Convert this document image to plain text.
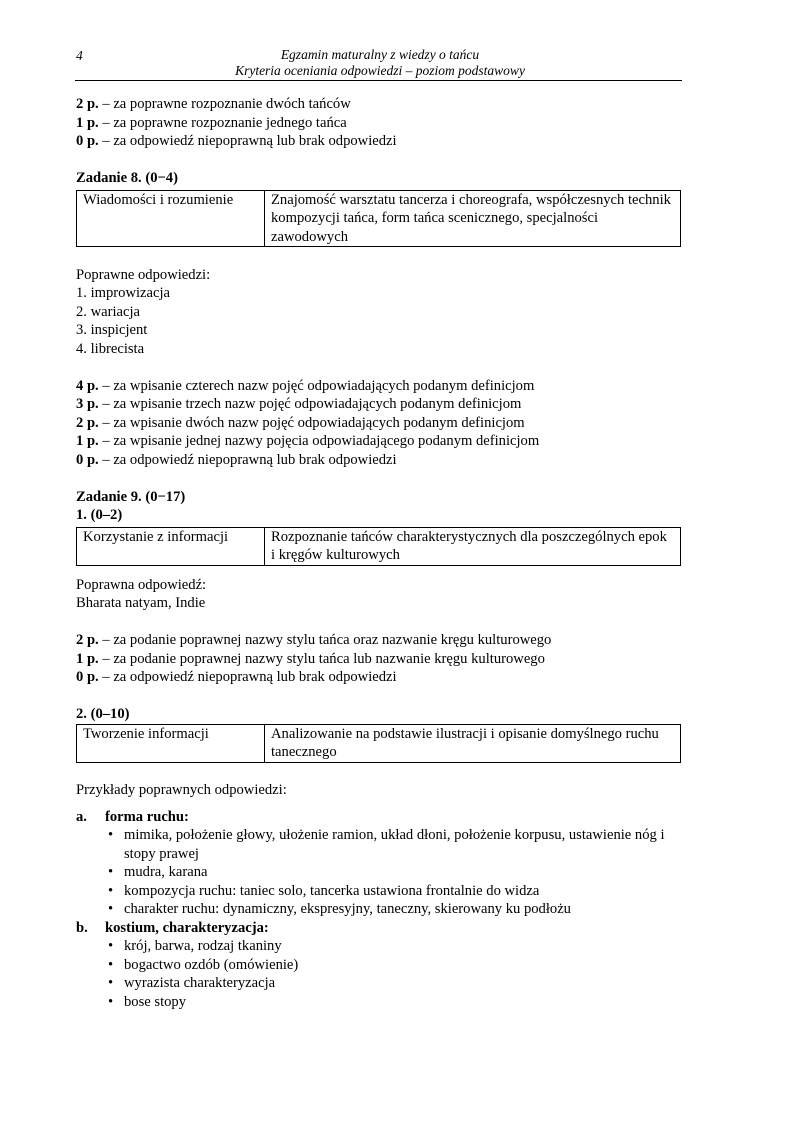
4	Egzamin maturalny z wiedzy o tańcu
Kryteria oceniania odpowiedzi – poziom podstawowy

2 p. – za poprawne rozpoznanie dwóch tańców

1 p. – za poprawne rozpoznanie jednego tańca

0 p. – za odpowiedź niepoprawną lub brak odpowiedzi

Zadanie 8. (0−4)

Wiadomości i rozumienie	Znajomość warsztatu tancerza i choreografa, współczesnych technik kompozycji tańca, form tańca scenicznego, specjalności zawodowych

Poprawne odpowiedzi:

1. improwizacja
2. wariacja
3. inspicjent
4. librecista

4 p. – za wpisanie czterech nazw pojęć odpowiadających podanym definicjom

3 p. – za wpisanie trzech nazw pojęć odpowiadających podanym definicjom

2 p. – za wpisanie dwóch nazw pojęć odpowiadających podanym definicjom

1 p. – za wpisanie jednej nazwy pojęcia odpowiadającego podanym definicjom

0 p. – za odpowiedź niepoprawną lub brak odpowiedzi

Zadanie 9. (0−17)

1. (0–2)

Korzystanie z informacji	Rozpoznanie tańców charakterystycznych dla poszczególnych epok i kręgów kulturowych

Poprawna odpowiedź:

Bharata natyam, Indie

2 p. – za podanie poprawnej nazwy stylu tańca oraz nazwanie kręgu kulturowego

1 p. – za podanie poprawnej nazwy stylu tańca lub nazwanie kręgu kulturowego

0 p. – za odpowiedź niepoprawną lub brak odpowiedzi

2. (0–10)

Tworzenie informacji	Analizowanie na podstawie ilustracji i opisanie domyślnego ruchu tanecznego

Przykłady poprawnych odpowiedzi:

a. forma ruchu:

• mimika, położenie głowy, ułożenie ramion, układ dłoni, położenie korpusu, ustawienie nóg i stopy prawej
• mudra, karana
• kompozycja ruchu: taniec solo, tancerka ustawiona frontalnie do widza
• charakter ruchu: dynamiczny, ekspresyjny, taneczny, skierowany ku podłożu

b. kostium, charakteryzacja:

• krój, barwa, rodzaj tkaniny
• bogactwo ozdób (omówienie)
• wyrazista charakteryzacja
• bose stopy
